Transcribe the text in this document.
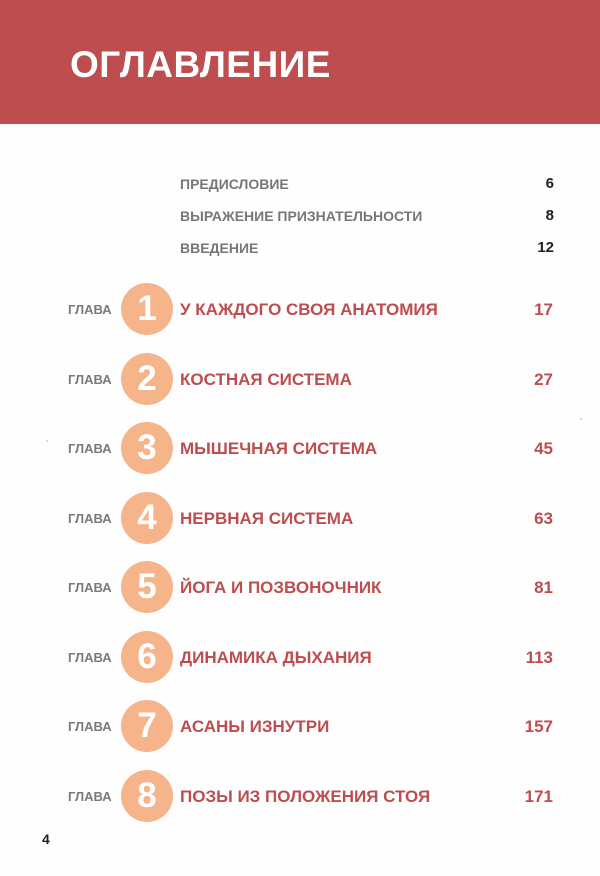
ОГЛАВЛЕНИЕ
ПРЕДИСЛОВИЕ	6
ВЫРАЖЕНИЕ ПРИЗНАТЕЛЬНОСТИ	8
ВВЕДЕНИЕ	12
ГЛАВА 1	У КАЖДОГО СВОЯ АНАТОМИЯ	17
ГЛАВА 2	КОСТНАЯ СИСТЕМА	27
ГЛАВА 3	МЫШЕЧНАЯ СИСТЕМА	45
ГЛАВА 4	НЕРВНАЯ СИСТЕМА	63
ГЛАВА 5	ЙОГА И ПОЗВОНОЧНИК	81
ГЛАВА 6	ДИНАМИКА ДЫХАНИЯ	113
ГЛАВА 7	АСАНЫ ИЗНУТРИ	157
ГЛАВА 8	ПОЗЫ ИЗ ПОЛОЖЕНИЯ СТОЯ	171
4
